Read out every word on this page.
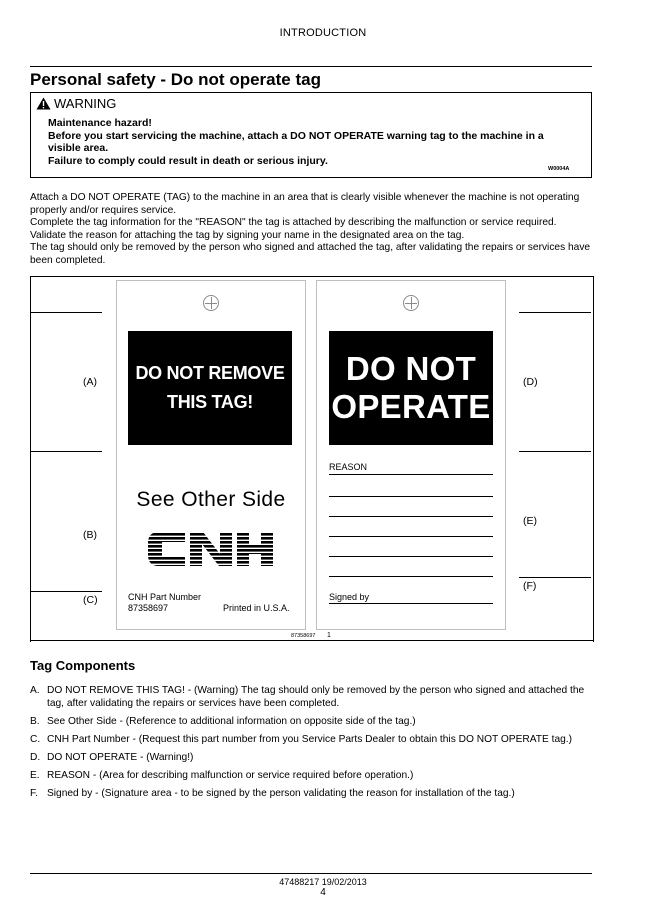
INTRODUCTION
Personal safety - Do not operate tag
WARNING
Maintenance hazard!
Before you start servicing the machine, attach a DO NOT OPERATE warning tag to the machine in a visible area.
Failure to comply could result in death or serious injury.
W0004A

Attach a DO NOT OPERATE (TAG) to the machine in an area that is clearly visible whenever the machine is not operating properly and/or requires service.

Complete the tag information for the "REASON" the tag is attached by describing the malfunction or service required. Validate the reason for attaching the tag by signing your name in the designated area on the tag.

The tag should only be removed by the person who signed and attached the tag, after validating the repairs or services have been completed.

(A)
(B)
(C)
(D)
(E)
(F)
DO NOT REMOVE
THIS TAG!
See Other Side
CNH
CNH Part Number
87358697	Printed in U.S.A.
DO NOT
OPERATE
REASON
Signed by
87358697 1
Tag Components
A. DO NOT REMOVE THIS TAG! - (Warning) The tag should only be removed by the person who signed and attached the tag, after validating the repairs or services have been completed.
B. See Other Side - (Reference to additional information on opposite side of the tag.)
C. CNH Part Number - (Request this part number from you Service Parts Dealer to obtain this DO NOT OPERATE tag.)
D. DO NOT OPERATE - (Warning!)
E. REASON - (Area for describing malfunction or service required before operation.)
F. Signed by - (Signature area - to be signed by the person validating the reason for installation of the tag.)
47488217 19/02/2013
4
